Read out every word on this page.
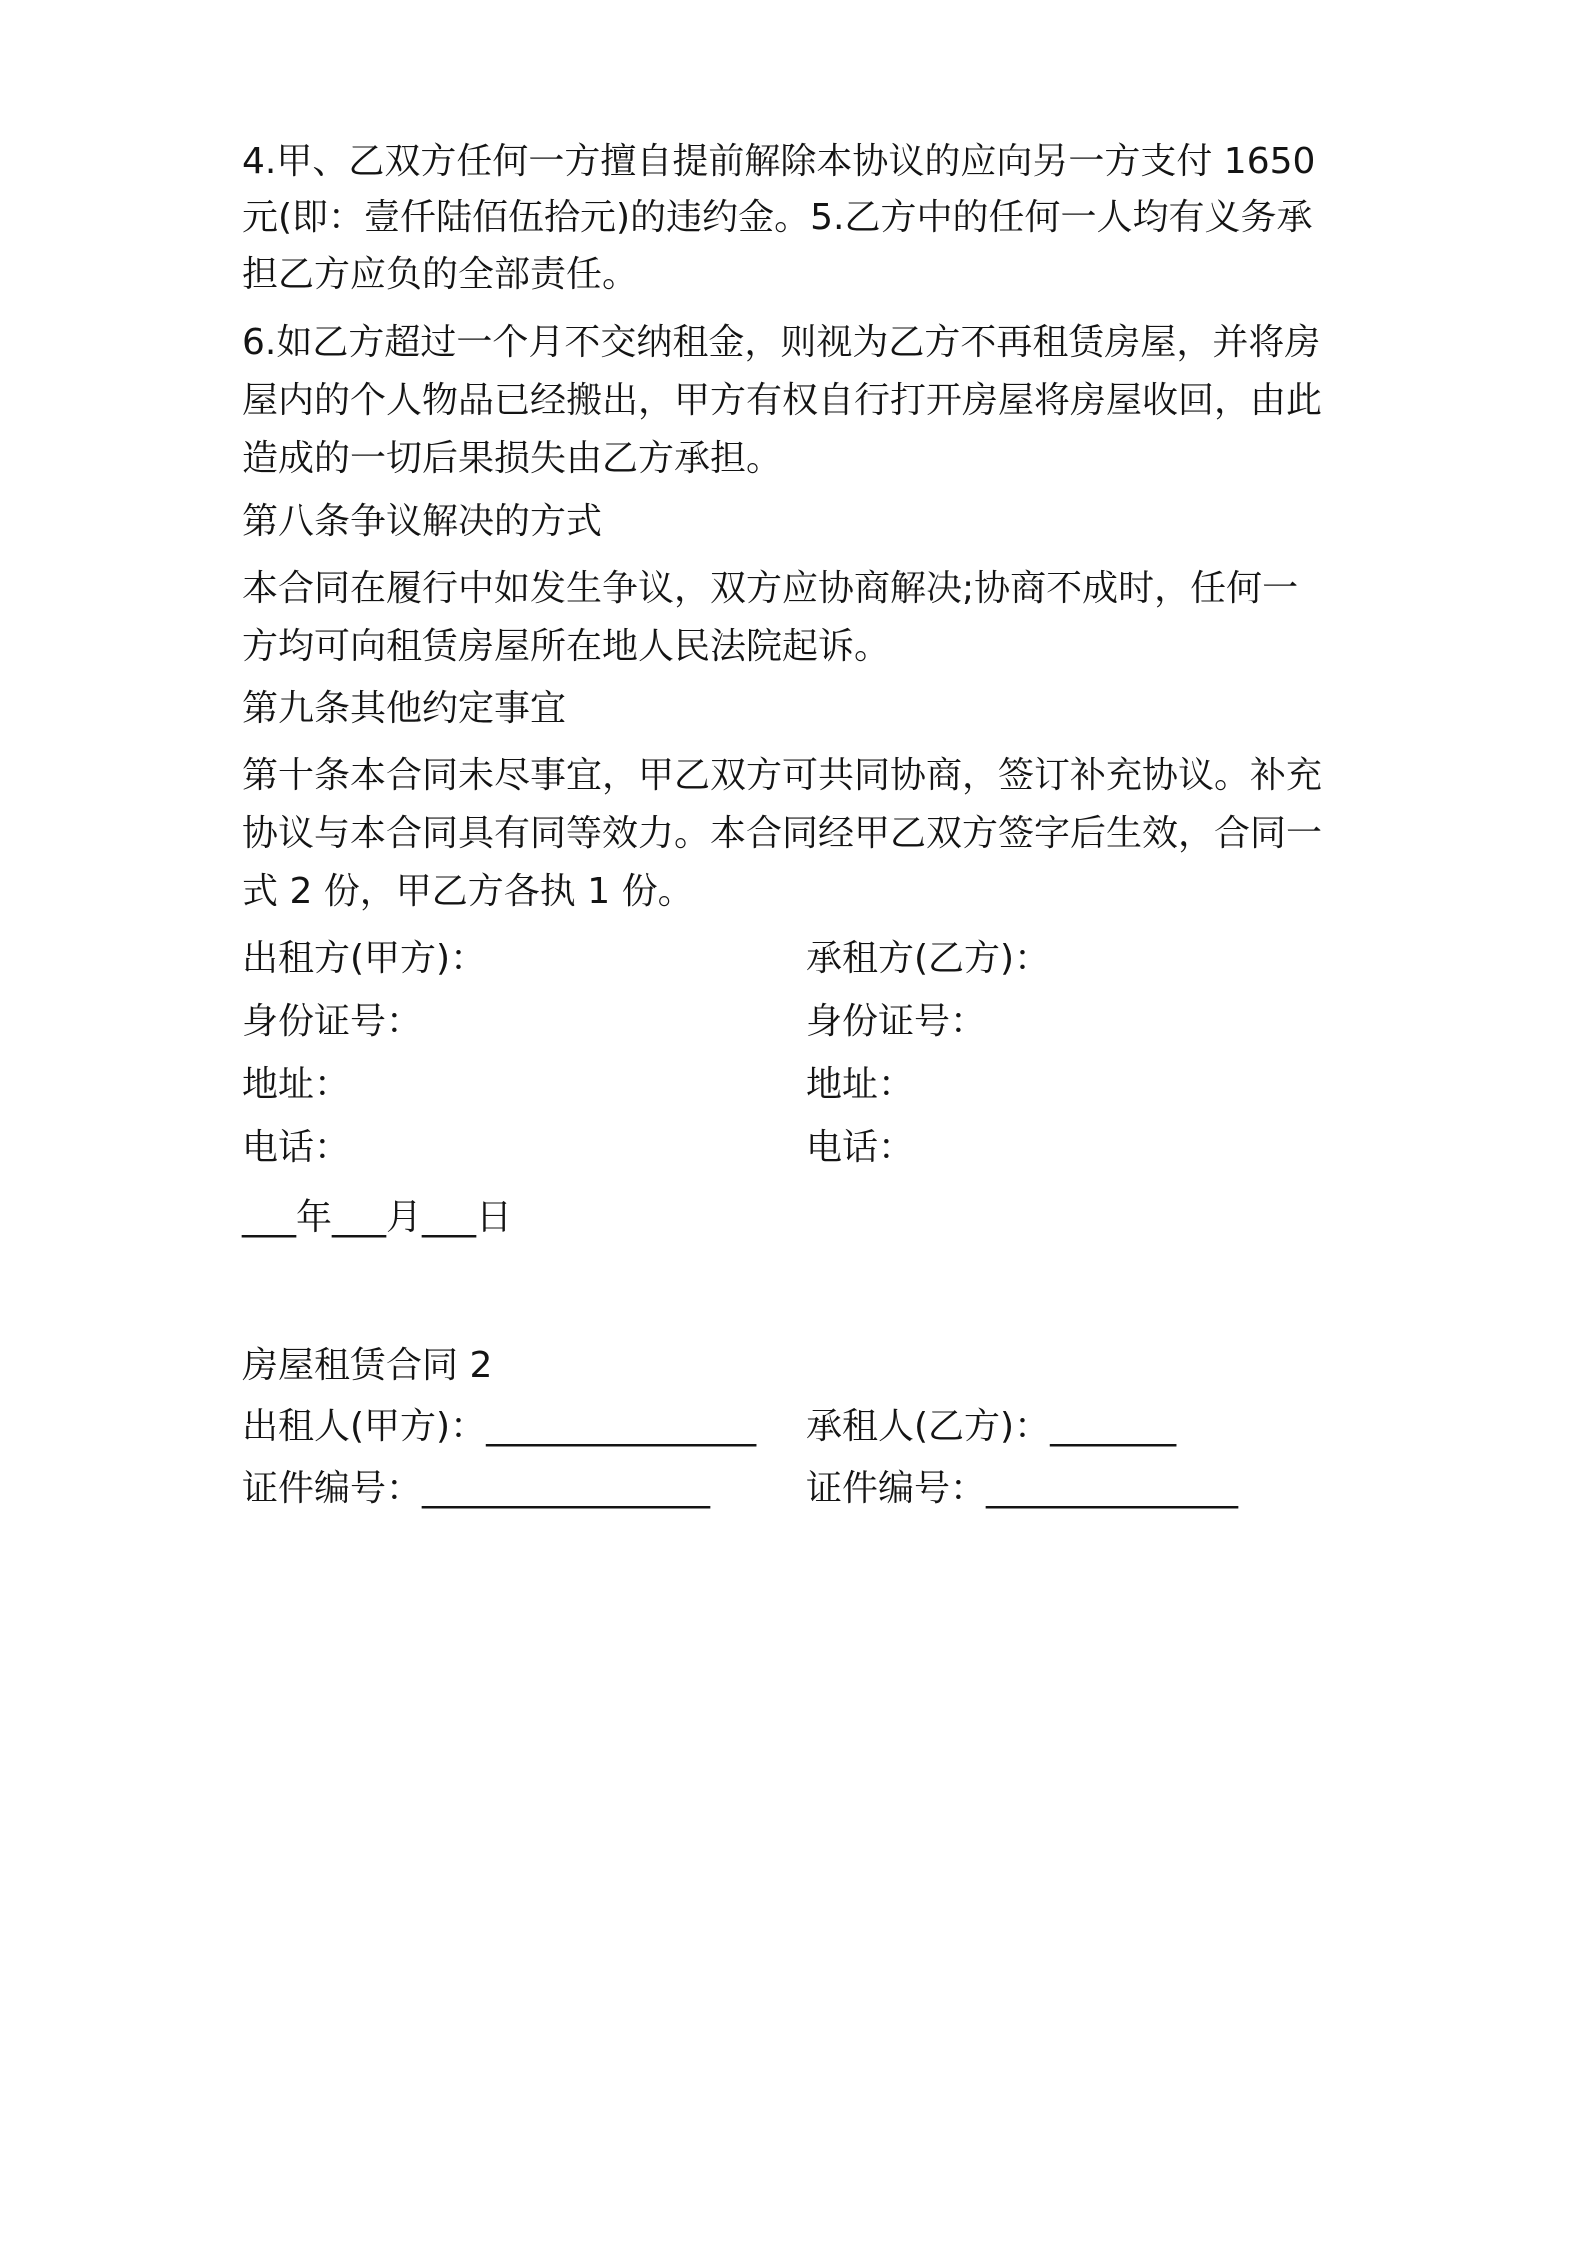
4.甲、乙双方任何一方擅自提前解除本协议的应向另一方支付 1650
元(即：壹仟陆佰伍拾元)的违约金。5.乙方中的任何一人均有义务承
担乙方应负的全部责任。
6.如乙方超过一个月不交纳租金，则视为乙方不再租赁房屋，并将房
屋内的个人物品已经搬出，甲方有权自行打开房屋将房屋收回，由此
造成的一切后果损失由乙方承担。
第八条争议解决的方式
本合同在履行中如发生争议，双方应协商解决;协商不成时，任何一
方均可向租赁房屋所在地人民法院起诉。
第九条其他约定事宜
第十条本合同未尽事宜，甲乙双方可共同协商，签订补充协议。补充
协议与本合同具有同等效力。本合同经甲乙双方签字后生效，合同一
式 2 份，甲乙方各执 1 份。
出租方(甲方)：	承租方(乙方)：
身份证号：	身份证号：
地址：	地址：
电话：	电话：
___年___月___日
房屋租赁合同 2
出租人(甲方)：_______________ 承租人(乙方)：_______
证件编号：________________	证件编号：______________
